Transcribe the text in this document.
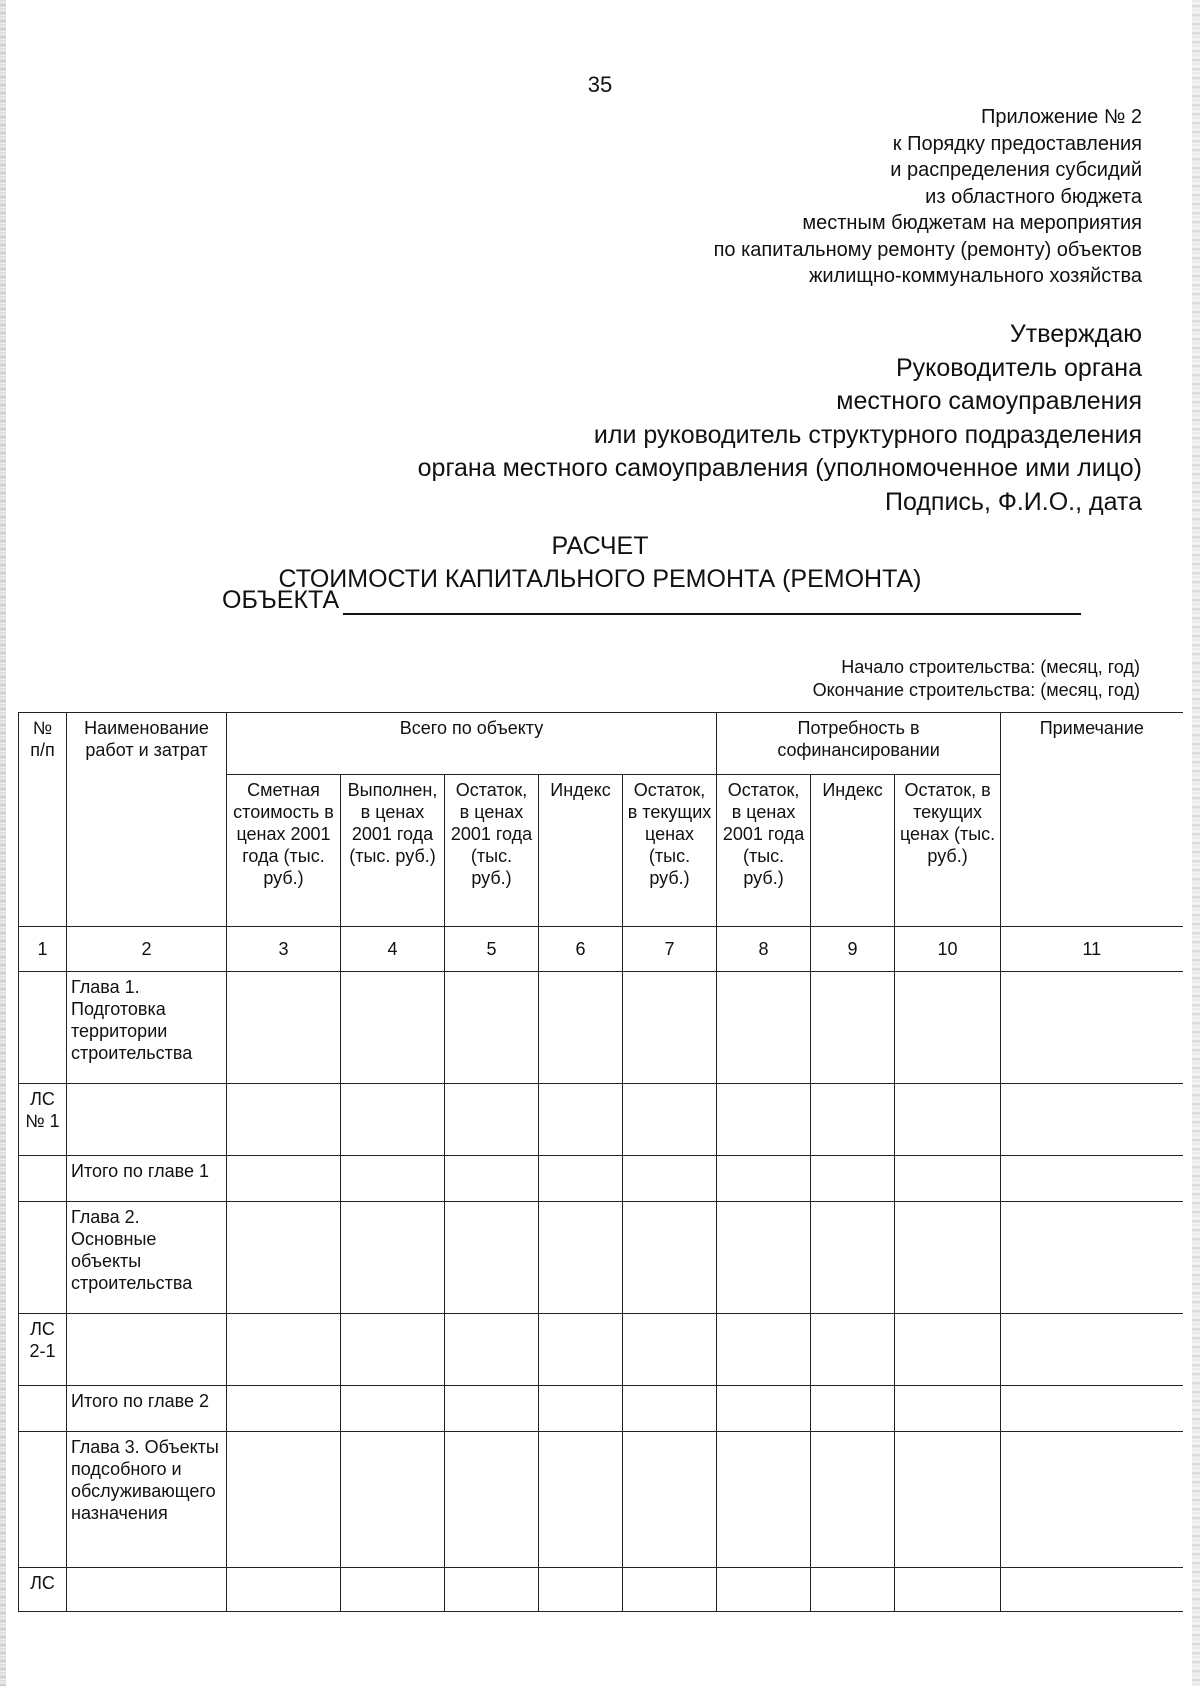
35
Приложение № 2
к Порядку предоставления
и распределения субсидий
из областного бюджета
местным бюджетам на мероприятия
по капитальному ремонту (ремонту) объектов
жилищно-коммунального хозяйства
Утверждаю
Руководитель органа
местного самоуправления
или руководитель структурного подразделения
органа местного самоуправления (уполномоченное ими лицо)
Подпись, Ф.И.О., дата
РАСЧЕТ
СТОИМОСТИ КАПИТАЛЬНОГО РЕМОНТА (РЕМОНТА)
ОБЪЕКТА
Начало строительства: (месяц, год)
Окончание строительства: (месяц, год)
№ п/п	Наименование работ и затрат	Всего по объекту					Потребность в софинансировании			Примечание
		Сметная стоимость в ценах 2001 года (тыс. руб.)	Выполнен, в ценах 2001 года (тыс. руб.)	Остаток, в ценах 2001 года (тыс. руб.)	Индекс	Остаток, в текущих ценах (тыс. руб.)	Остаток, в ценах 2001 года (тыс. руб.)	Индекс	Остаток, в текущих ценах (тыс. руб.)	
1	2	3	4	5	6	7	8	9	10	11
	Глава 1. Подготовка территории строительства									
ЛС № 1										
	Итого по главе 1									
	Глава 2. Основные объекты строительства									
ЛС 2-1										
	Итого по главе 2									
	Глава 3. Объекты подсобного и обслуживающего назначения									
ЛС										
